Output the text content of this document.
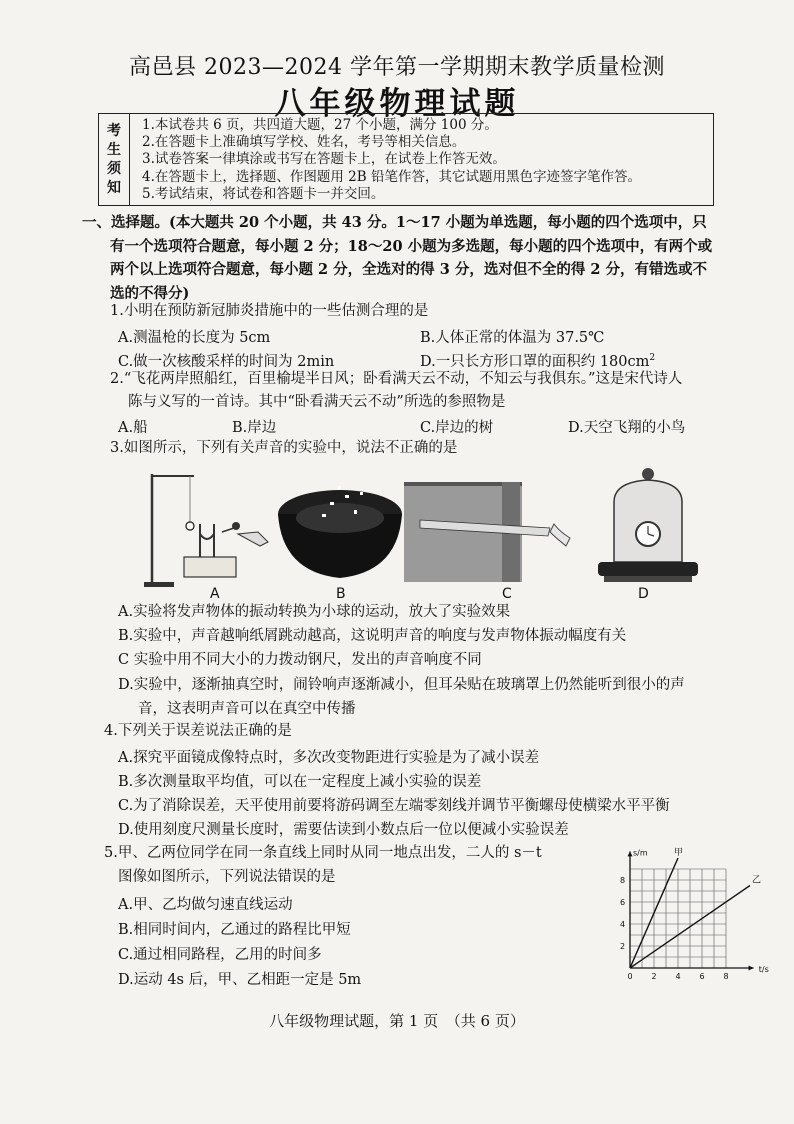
高邑县 2023—2024 学年第一学期期末教学质量检测
八年级物理试题
考
生
须
知
1.本试卷共 6 页，共四道大题，27 个小题，满分 100 分。
2.在答题卡上准确填写学校、姓名，考号等相关信息。
3.试卷答案一律填涂或书写在答题卡上，在试卷上作答无效。
4.在答题卡上，选择题、作图题用 2B 铅笔作答，其它试题用黑色字迹签字笔作答。
5.考试结束，将试卷和答题卡一并交回。
一、选择题。(本大题共 20 个小题，共 43 分。1～17 小题为单选题，每小题的四个选项中，只
有一个选项符合题意，每小题 2 分；18～20 小题为多选题，每小题的四个选项中，有两个或
两个以上选项符合题意，每小题 2 分，全选对的得 3 分，选对但不全的得 2 分，有错选或不
选的不得分)
1.小明在预防新冠肺炎措施中的一些估测合理的是
A.测温枪的长度为 5cm	B.人体正常的体温为 37.5℃
C.做一次核酸采样的时间为 2min	D.一只长方形口罩的面积约 $180cm^2$
2.“飞花两岸照船红，百里榆堤半日风；卧看满天云不动，不知云与我俱东。”这是宋代诗人
陈与义写的一首诗。其中“卧看满天云不动”所选的参照物是
A.船	B.岸边	C.岸边的树	D.天空飞翔的小鸟
3.如图所示，下列有关声音的实验中，说法不正确的是
A	B	C	D
A.实验将发声物体的振动转换为小球的运动，放大了实验效果
B.实验中，声音越响纸屑跳动越高，这说明声音的响度与发声物体振动幅度有关
C 实验中用不同大小的力拨动钢尺，发出的声音响度不同
D.实验中，逐渐抽真空时，闹铃响声逐渐减小，但耳朵贴在玻璃罩上仍然能听到很小的声
音，这表明声音可以在真空中传播
4.下列关于误差说法正确的是
A.探究平面镜成像特点时，多次改变物距进行实验是为了减小误差
B.多次测量取平均值，可以在一定程度上减小实验的误差
C.为了消除误差，天平使用前要将游码调至左端零刻线并调节平衡螺母使横梁水平平衡
D.使用刻度尺测量长度时，需要估读到小数点后一位以便减小实验误差
5.甲、乙两位同学在同一条直线上同时从同一地点出发，二人的 s－t
图像如图所示，下列说法错误的是
A.甲、乙均做匀速直线运动
B.相同时间内，乙通过的路程比甲短
C.通过相同路程，乙用的时间多
D.运动 4s 后，甲、乙相距一定是 5m
甲
乙
0 2 4 6 8
2
4
6
8
t/s
s/m
八年级物理试题，第 1 页　（共 6 页）
